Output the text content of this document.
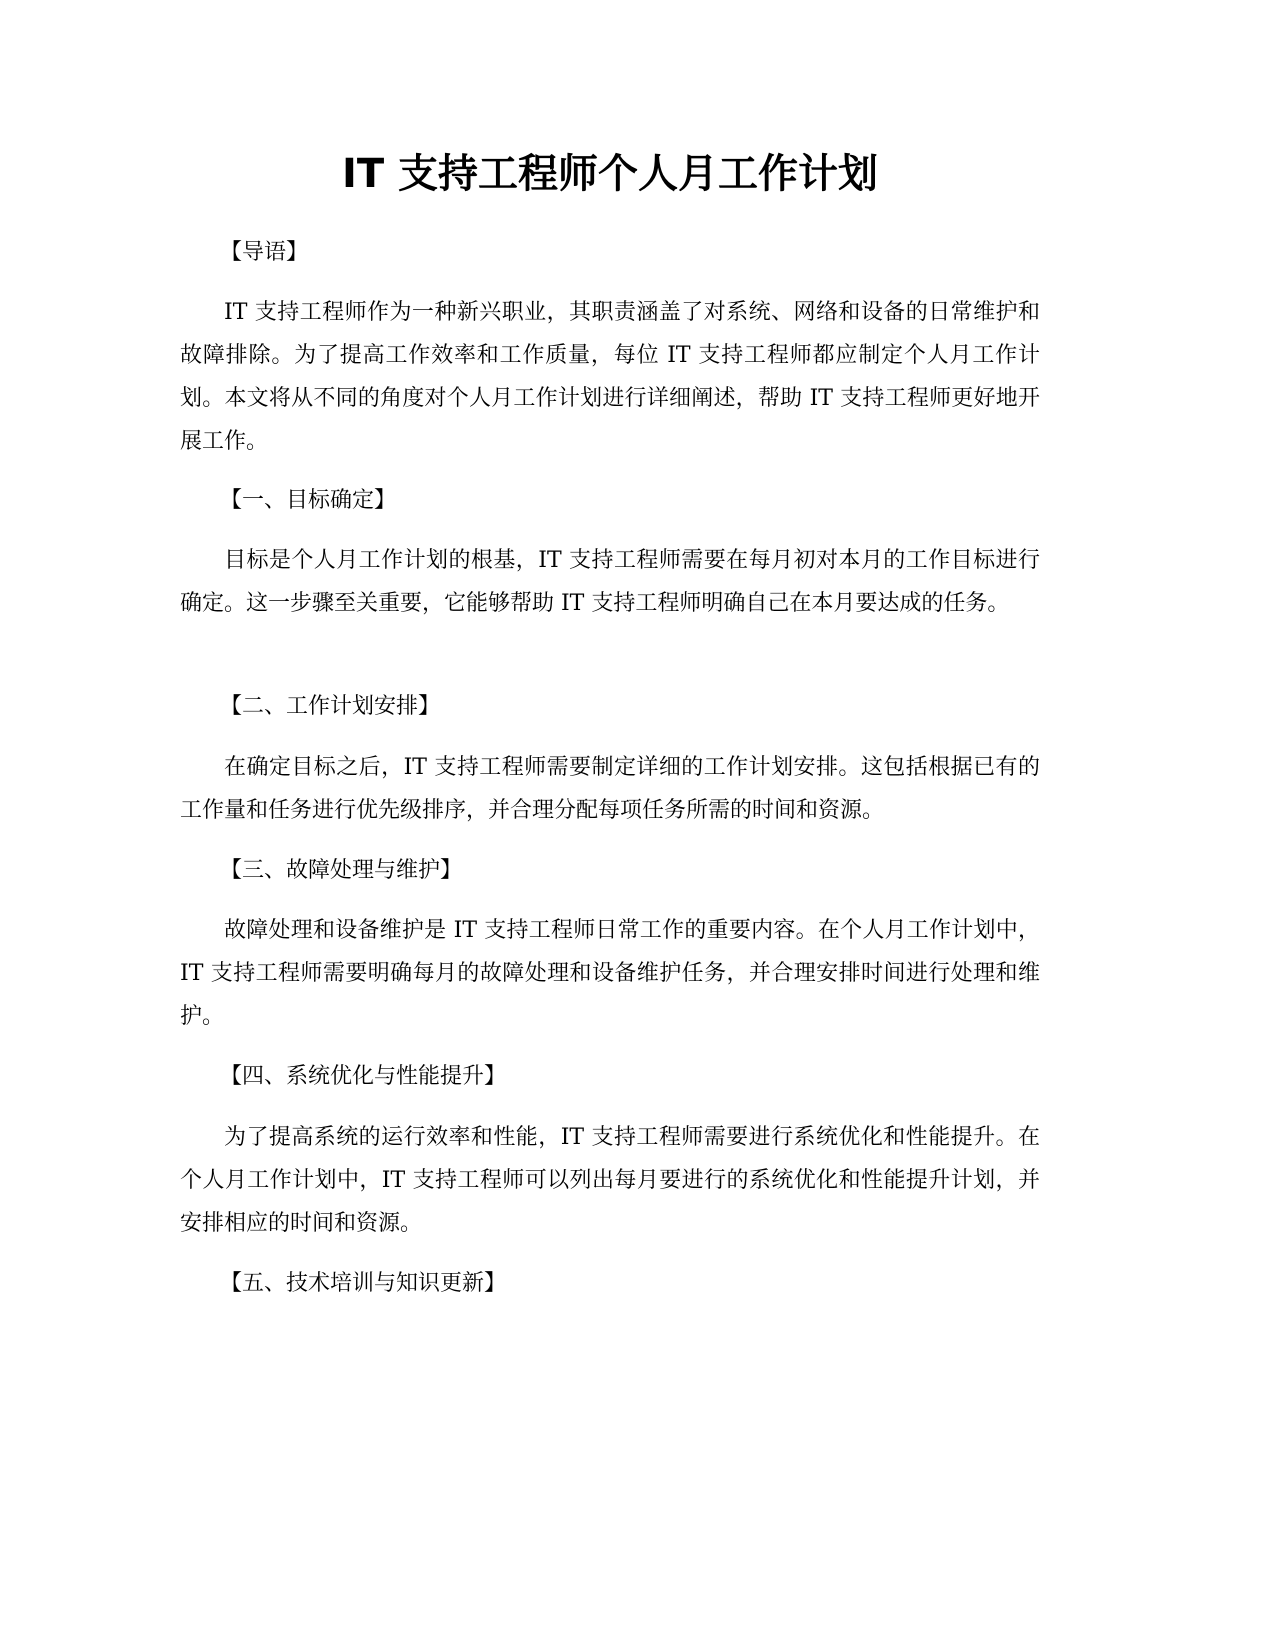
IT 支持工程师个人月工作计划

【导语】

IT 支持工程师作为一种新兴职业，其职责涵盖了对系统、网络和设备的日常维护和故障排除。为了提高工作效率和工作质量，每位 IT 支持工程师都应制定个人月工作计划。本文将从不同的角度对个人月工作计划进行详细阐述，帮助 IT 支持工程师更好地开展工作。

【一、目标确定】

目标是个人月工作计划的根基，IT 支持工程师需要在每月初对本月的工作目标进行确定。这一步骤至关重要，它能够帮助 IT 支持工程师明确自己在本月要达成的任务。

【二、工作计划安排】

在确定目标之后，IT 支持工程师需要制定详细的工作计划安排。这包括根据已有的工作量和任务进行优先级排序，并合理分配每项任务所需的时间和资源。

【三、故障处理与维护】

故障处理和设备维护是 IT 支持工程师日常工作的重要内容。在个人月工作计划中，IT 支持工程师需要明确每月的故障处理和设备维护任务，并合理安排时间进行处理和维护。

【四、系统优化与性能提升】

为了提高系统的运行效率和性能，IT 支持工程师需要进行系统优化和性能提升。在个人月工作计划中，IT 支持工程师可以列出每月要进行的系统优化和性能提升计划，并安排相应的时间和资源。

【五、技术培训与知识更新】
